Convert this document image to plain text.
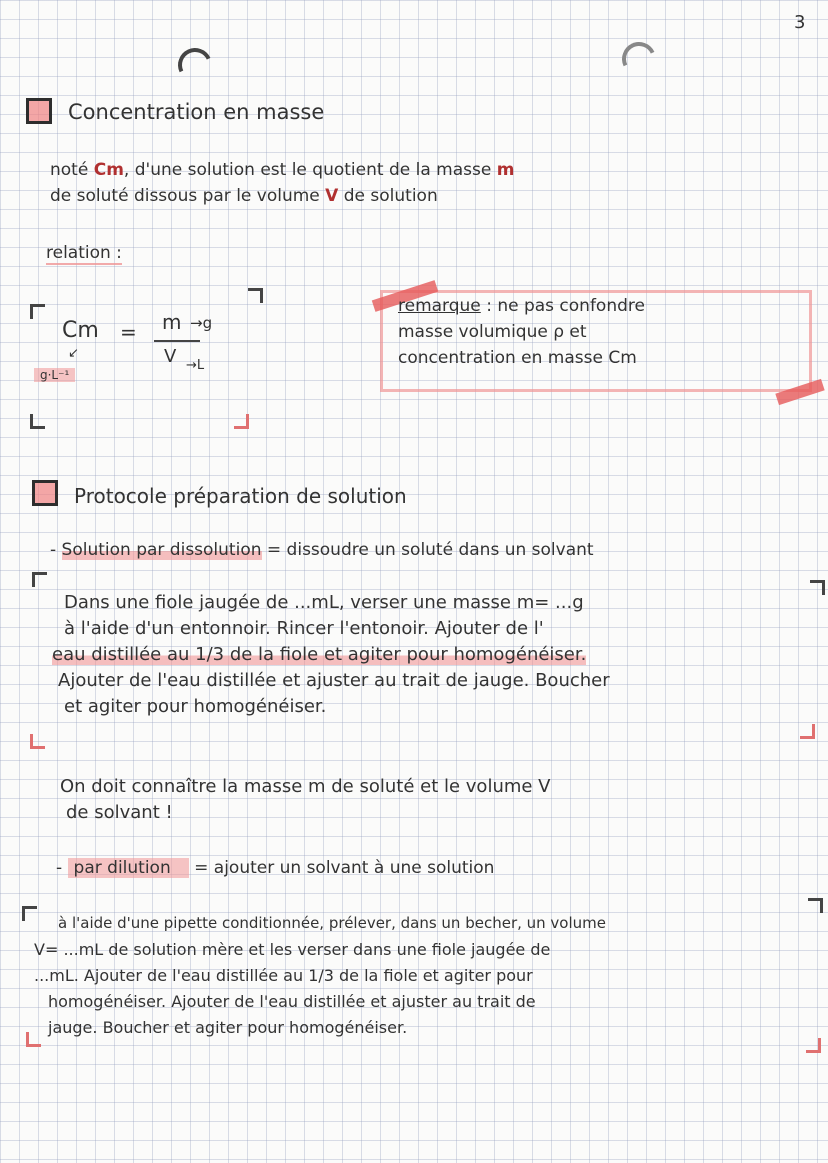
3
Concentration en masse
noté Cm, d'une solution est le quotient de la masse m
de soluté dissous par le volume V de solution
relation :
Cm = m →g
V →L
↙
g·L⁻¹
remarque : ne pas confondre
masse volumique ρ et
concentration en masse Cm
Protocole préparation de solution
- Solution par dissolution = dissoudre un soluté dans un solvant
Dans une fiole jaugée de ...mL, verser une masse m= ...g
à l'aide d'un entonnoir. Rincer l'entonoir. Ajouter de l'
eau distillée au 1/3 de la fiole et agiter pour homogénéiser.
Ajouter de l'eau distillée et ajuster au trait de jauge. Boucher
et agiter pour homogénéiser.
On doit connaître la masse m de soluté et le volume V
de solvant !
- par dilution = ajouter un solvant à une solution
à l'aide d'une pipette conditionnée, prélever, dans un becher, un volume
V= ...mL de solution mère et les verser dans une fiole jaugée de
...mL. Ajouter de l'eau distillée au 1/3 de la fiole et agiter pour
homogénéiser. Ajouter de l'eau distillée et ajuster au trait de
jauge. Boucher et agiter pour homogénéiser.
